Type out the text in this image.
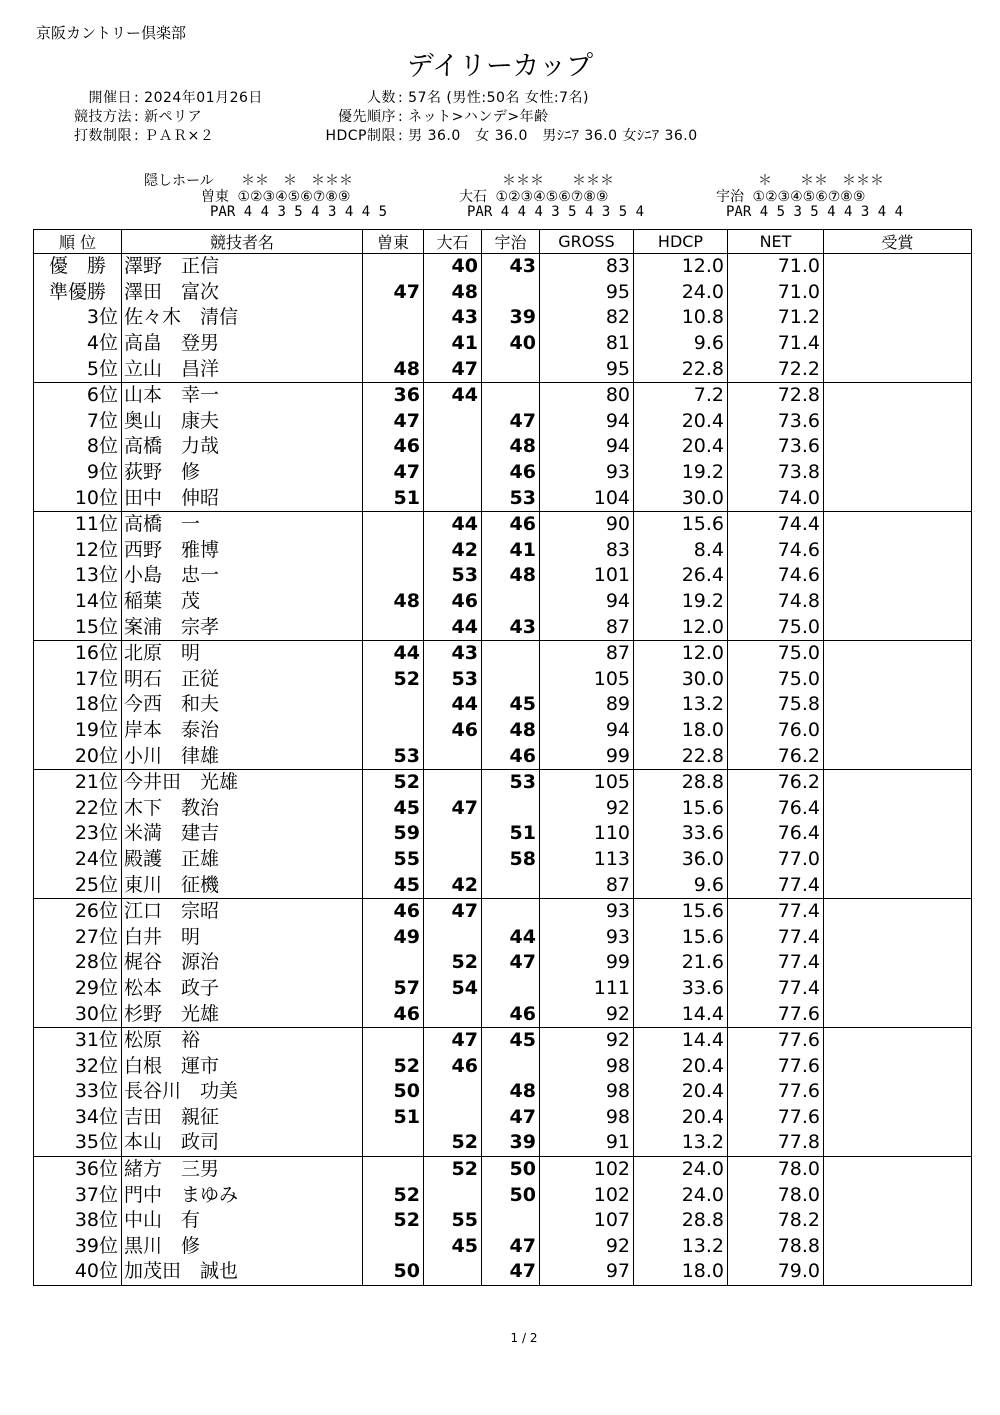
京阪カントリー倶楽部
デイリーカップ
開催日 : 2024年01月26日
競技方法 : 新ペリア
打数制限 : ＰＡＲ×２
人数 : 57名 (男性:50名 女性:7名)
優先順序 : ネット>ハンデ>年齢
HDCP制限 : 男 36.0　女 36.0　男ｼﾆｱ 36.0 女ｼﾆｱ 36.0
隠しホール ＊＊　＊　＊＊＊
曽東 ①②③④⑤⑥⑦⑧⑨
PAR 4 4 3 5 4 3 4 4 5
＊＊＊　　＊＊＊
大石 ①②③④⑤⑥⑦⑧⑨
PAR 4 4 4 3 5 4 3 5 4
＊　　＊＊　＊＊＊
宇治 ①②③④⑤⑥⑦⑧⑨
PAR 4 5 3 5 4 4 3 4 4
順 位	競技者名	曽東	大石	宇治	GROSS	HDCP	NET	受賞
優　勝	澤野　正信		40	43	83	12.0	71.0	
準優勝	澤田　富次	47	48		95	24.0	71.0	
3位	佐々木　清信		43	39	82	10.8	71.2	
4位	高畠　登男		41	40	81	9.6	71.4	
5位	立山　昌洋	48	47		95	22.8	72.2	
6位	山本　幸一	36	44		80	7.2	72.8	
7位	奥山　康夫	47		47	94	20.4	73.6	
8位	高橋　力哉	46		48	94	20.4	73.6	
9位	荻野　修	47		46	93	19.2	73.8	
10位	田中　伸昭	51		53	104	30.0	74.0	
11位	高橋　一		44	46	90	15.6	74.4	
12位	西野　雅博		42	41	83	8.4	74.6	
13位	小島　忠一		53	48	101	26.4	74.6	
14位	稲葉　茂	48	46		94	19.2	74.8	
15位	案浦　宗孝		44	43	87	12.0	75.0	
16位	北原　明	44	43		87	12.0	75.0	
17位	明石　正従	52	53		105	30.0	75.0	
18位	今西　和夫		44	45	89	13.2	75.8	
19位	岸本　泰治		46	48	94	18.0	76.0	
20位	小川　律雄	53		46	99	22.8	76.2	
21位	今井田　光雄	52		53	105	28.8	76.2	
22位	木下　教治	45	47		92	15.6	76.4	
23位	米満　建吉	59		51	110	33.6	76.4	
24位	殿護　正雄	55		58	113	36.0	77.0	
25位	東川　征機	45	42		87	9.6	77.4	
26位	江口　宗昭	46	47		93	15.6	77.4	
27位	白井　明	49		44	93	15.6	77.4	
28位	梶谷　源治		52	47	99	21.6	77.4	
29位	松本　政子	57	54		111	33.6	77.4	
30位	杉野　光雄	46		46	92	14.4	77.6	
31位	松原　裕		47	45	92	14.4	77.6	
32位	白根　運市	52	46		98	20.4	77.6	
33位	長谷川　功美	50		48	98	20.4	77.6	
34位	吉田　親征	51		47	98	20.4	77.6	
35位	本山　政司		52	39	91	13.2	77.8	
36位	緒方　三男		52	50	102	24.0	78.0	
37位	門中　まゆみ	52		50	102	24.0	78.0	
38位	中山　有	52	55		107	28.8	78.2	
39位	黒川　修		45	47	92	13.2	78.8	
40位	加茂田　誠也	50		47	97	18.0	79.0	
1 / 2
